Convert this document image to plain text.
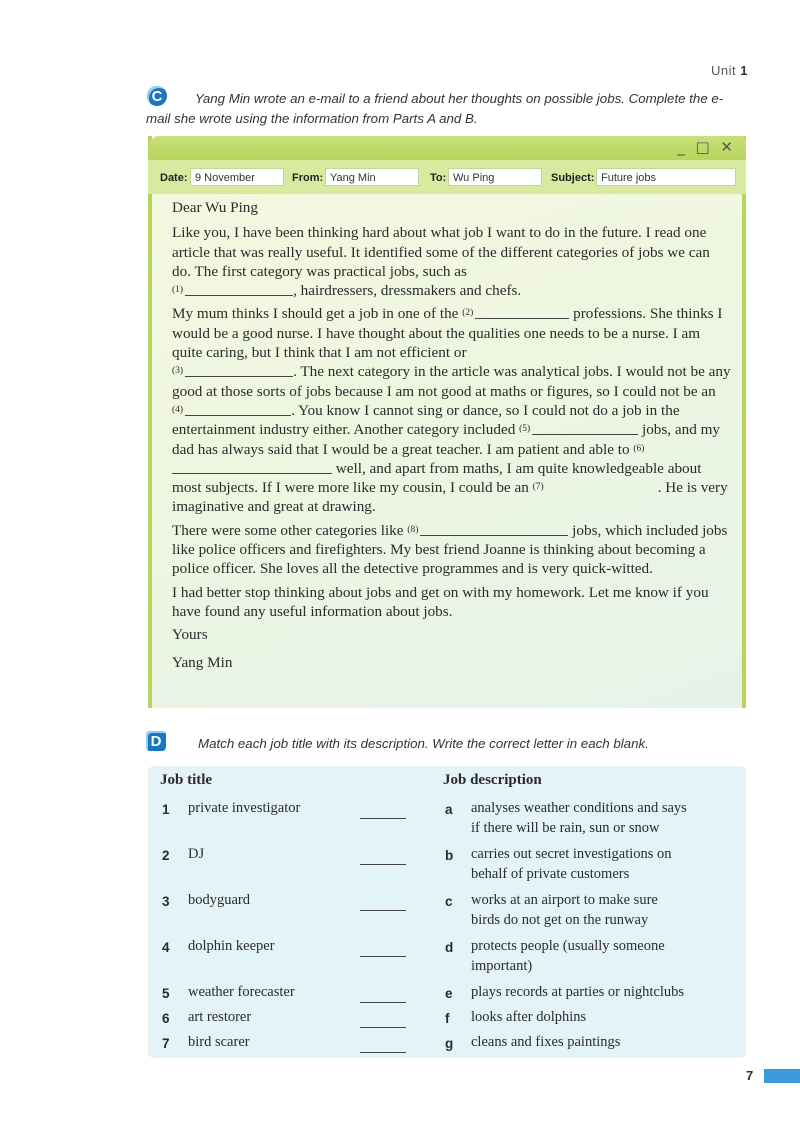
Unit 1
C	Yang Min wrote an e-mail to a friend about her thoughts on possible jobs. Complete the e-mail she wrote using the information from Parts A and B.
_ □ ✕
Date: 9 November	From: Yang Min	To: Wu Ping	Subject: Future jobs

Dear Wu Ping

Like you, I have been thinking hard about what job I want to do in the future. I read one article that was really useful. It identified some of the different categories of jobs we can do. The first category was practical jobs, such as
(1)	, hairdressers, dressmakers and chefs.

My mum thinks I should get a job in one of the (2)	professions. She thinks I would be a good nurse. I have thought about the qualities one needs to be a nurse. I am quite caring, but I think that I am not efficient or
(3)	. The next category in the article was analytical jobs. I would not be any good at those sorts of jobs because I am not good at maths or figures, so I could not be an (4)	. You know I cannot sing or dance, so I could not do a job in the entertainment industry either. Another category included (5)	jobs, and my dad has always said that I would be a great teacher. I am patient and able to (6) well, and apart from maths, I am quite knowledgeable about most subjects. If I were more like my cousin, I could be an (7)	. He is very imaginative and great at drawing.

There were some other categories like (8)	jobs, which included jobs like police officers and firefighters. My best friend Joanne is thinking about becoming a police officer. She loves all the detective programmes and is very quick-witted.

I had better stop thinking about jobs and get on with my homework. Let me know if you have found any useful information about jobs.

Yours

Yang Min

D	Match each job title with its description. Write the correct letter in each blank.
Job title	Job description
1 private investigator	a analyses weather conditions and says
if there will be rain, sun or snow
2 DJ	b carries out secret investigations on
behalf of private customers
3 bodyguard	c works at an airport to make sure
birds do not get on the runway
4 dolphin keeper	d protects people (usually someone
important)
5 weather forecaster	e plays records at parties or nightclubs
6 art restorer	f looks after dolphins
7 bird scarer	g cleans and fixes paintings
7
